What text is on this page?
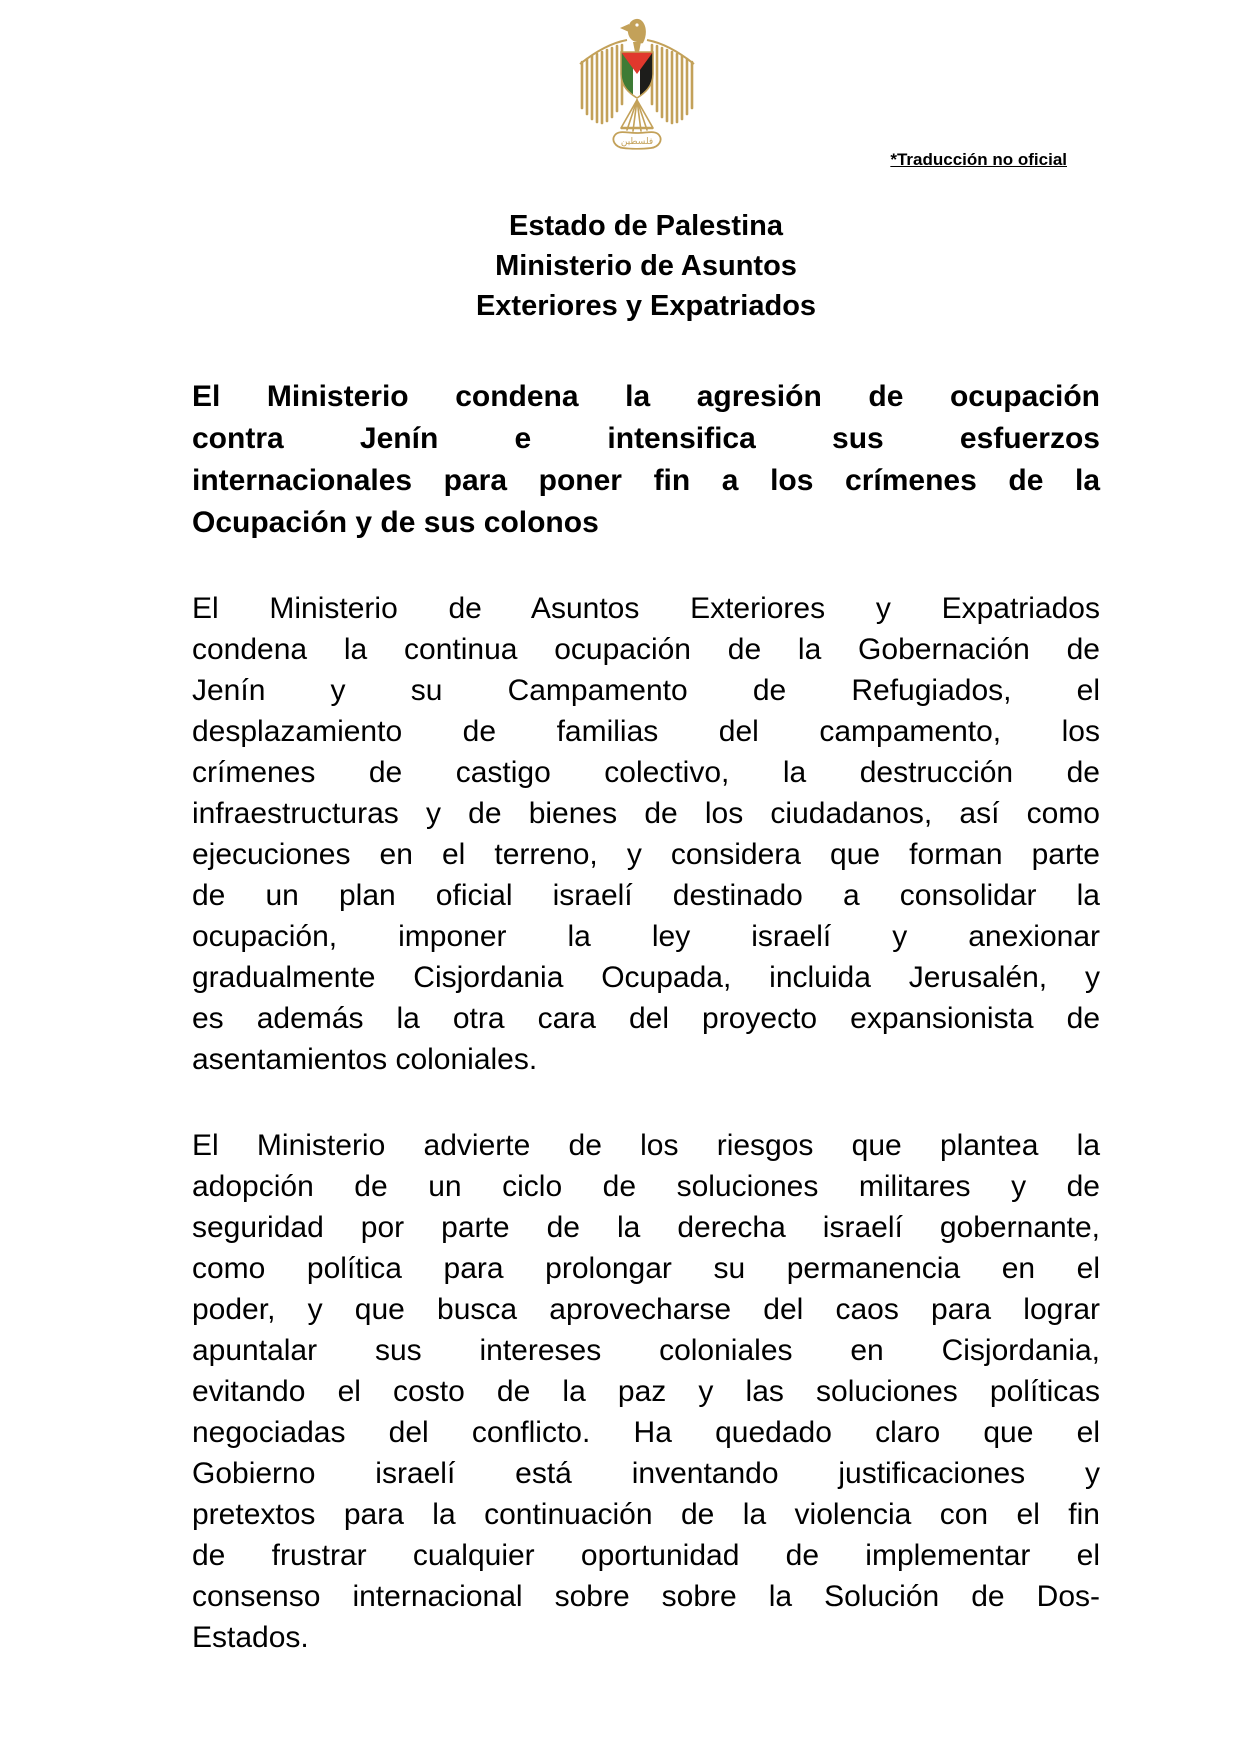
فلسطين
*Traducción no oficial
Estado de Palestina
Ministerio de Asuntos
Exteriores y Expatriados
El Ministerio condena la agresión de ocupación
contra Jenín e intensifica sus esfuerzos
internacionales para poner fin a los crímenes de la
Ocupación y de sus colonos
El Ministerio de Asuntos Exteriores y Expatriados
condena la continua ocupación de la Gobernación de
Jenín y su Campamento de Refugiados, el
desplazamiento de familias del campamento, los
crímenes de castigo colectivo, la destrucción de
infraestructuras y de bienes de los ciudadanos, así como
ejecuciones en el terreno, y considera que forman parte
de un plan oficial israelí destinado a consolidar la
ocupación, imponer la ley israelí y anexionar
gradualmente Cisjordania Ocupada, incluida Jerusalén, y
es además la otra cara del proyecto expansionista de
asentamientos coloniales.
El Ministerio advierte de los riesgos que plantea la
adopción de un ciclo de soluciones militares y de
seguridad por parte de la derecha israelí gobernante,
como política para prolongar su permanencia en el
poder, y que busca aprovecharse del caos para lograr
apuntalar sus intereses coloniales en Cisjordania,
evitando el costo de la paz y las soluciones políticas
negociadas del conflicto. Ha quedado claro que el
Gobierno israelí está inventando justificaciones y
pretextos para la continuación de la violencia con el fin
de frustrar cualquier oportunidad de implementar el
consenso internacional sobre sobre la Solución de Dos-
Estados.
